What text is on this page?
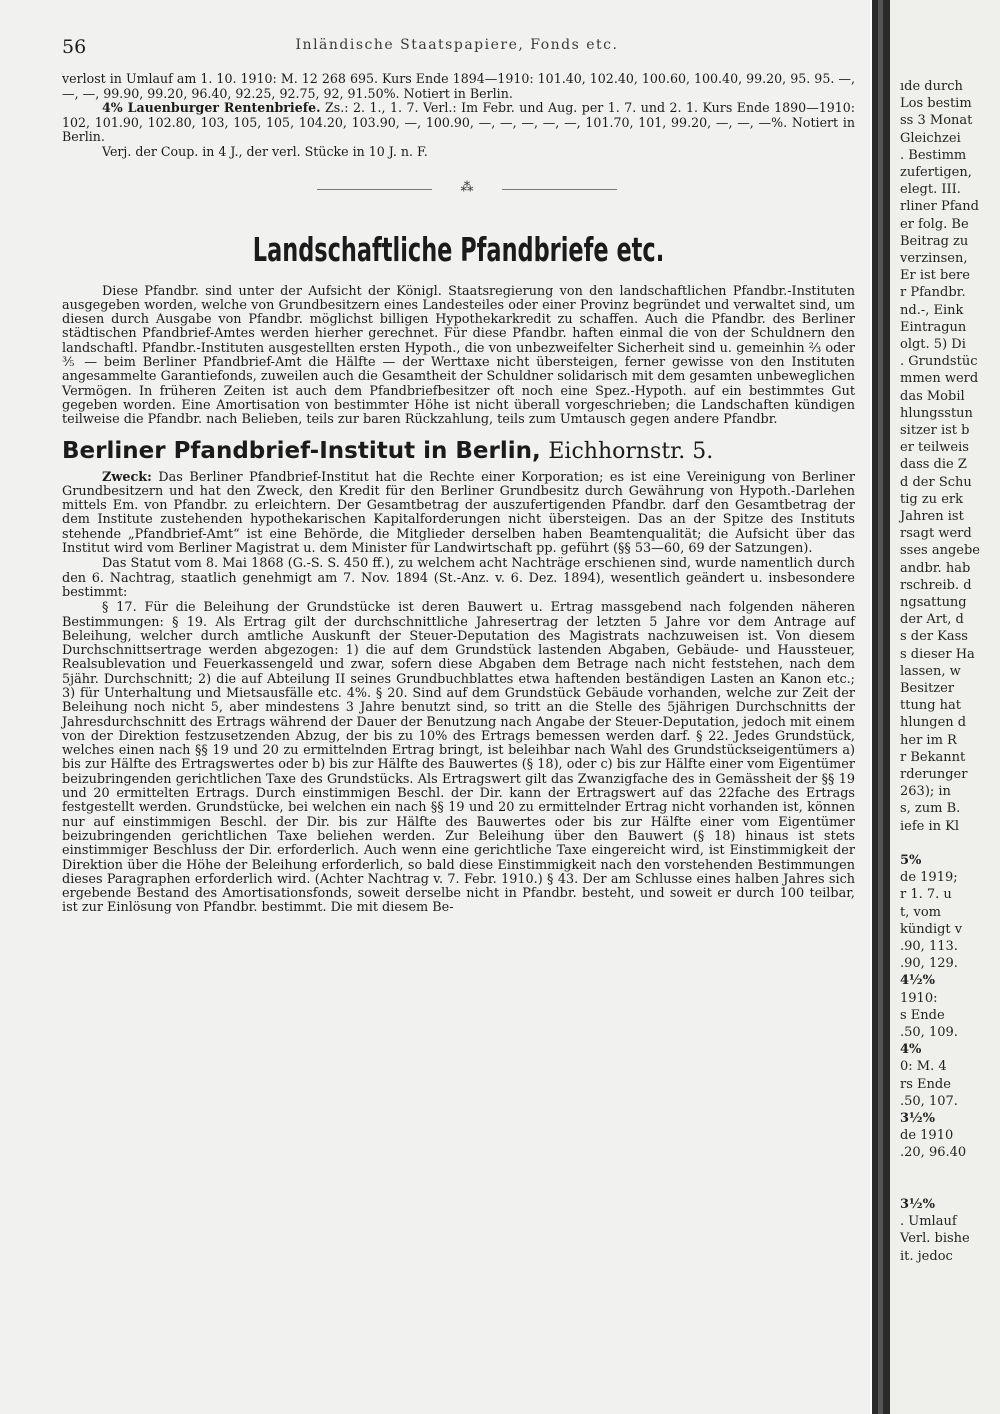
56	Inländische Staatspapiere, Fonds etc.

verlost in Umlauf am 1. 10. 1910: M. 12 268 695. Kurs Ende 1894—1910: 101.40, 102.40, 100.60, 100.40, 99.20, 95. 95. —, —, —, 99.90, 99.20, 96.40, 92.25, 92.75, 92, 91.50%. Notiert in Berlin.

4% Lauenburger Rentenbriefe. Zs.: 2. 1., 1. 7. Verl.: Im Febr. und Aug. per 1. 7. und 2. 1. Kurs Ende 1890—1910: 102, 101.90, 102.80, 103, 105, 105, 104.20, 103.90, —, 100.90, —, —, —, —, —, 101.70, 101, 99.20, —, —, —%. Notiert in Berlin.

Verj. der Coup. in 4 J., der verl. Stücke in 10 J. n. F.

⁂
Landschaftliche Pfandbriefe etc.

Diese Pfandbr. sind unter der Aufsicht der Königl. Staatsregierung von den landschaftlichen Pfandbr.-Instituten ausgegeben worden, welche von Grundbesitzern eines Landesteiles oder einer Provinz begründet und verwaltet sind, um diesen durch Ausgabe von Pfandbr. möglichst billigen Hypothekarkredit zu schaffen. Auch die Pfandbr. des Berliner städtischen Pfandbrief-Amtes werden hierher gerechnet. Für diese Pfandbr. haften einmal die von der Schuldnern den landschaftl. Pfandbr.-Instituten ausgestellten ersten Hypoth., die von unbezweifelter Sicherheit sind u. gemeinhin ⅔ oder ⅗ — beim Berliner Pfandbrief-Amt die Hälfte — der Werttaxe nicht übersteigen, ferner gewisse von den Instituten angesammelte Garantiefonds, zuweilen auch die Gesamtheit der Schuldner solidarisch mit dem gesamten unbeweglichen Vermögen. In früheren Zeiten ist auch dem Pfandbriefbesitzer oft noch eine Spez.-Hypoth. auf ein bestimmtes Gut gegeben worden. Eine Amortisation von bestimmter Höhe ist nicht überall vorgeschrieben; die Landschaften kündigen teilweise die Pfandbr. nach Belieben, teils zur baren Rückzahlung, teils zum Umtausch gegen andere Pfandbr.

Berliner Pfandbrief-Institut in Berlin, Eichhornstr. 5.

Zweck: Das Berliner Pfandbrief-Institut hat die Rechte einer Korporation; es ist eine Vereinigung von Berliner Grundbesitzern und hat den Zweck, den Kredit für den Berliner Grundbesitz durch Gewährung von Hypoth.-Darlehen mittels Em. von Pfandbr. zu erleichtern. Der Gesamtbetrag der auszufertigenden Pfandbr. darf den Gesamtbetrag der dem Institute zustehenden hypothekarischen Kapitalforderungen nicht übersteigen. Das an der Spitze des Instituts stehende „Pfandbrief-Amt“ ist eine Behörde, die Mitglieder derselben haben Beamtenqualität; die Aufsicht über das Institut wird vom Berliner Magistrat u. dem Minister für Landwirtschaft pp. geführt (§§ 53—60, 69 der Satzungen).

Das Statut vom 8. Mai 1868 (G.-S. S. 450 ff.), zu welchem acht Nachträge erschienen sind, wurde namentlich durch den 6. Nachtrag, staatlich genehmigt am 7. Nov. 1894 (St.-Anz. v. 6. Dez. 1894), wesentlich geändert u. insbesondere bestimmt:

§ 17. Für die Beleihung der Grundstücke ist deren Bauwert u. Ertrag massgebend nach folgenden näheren Bestimmungen: § 19. Als Ertrag gilt der durchschnittliche Jahresertrag der letzten 5 Jahre vor dem Antrage auf Beleihung, welcher durch amtliche Auskunft der Steuer-Deputation des Magistrats nachzuweisen ist. Von diesem Durchschnittsertrage werden abgezogen: 1) die auf dem Grundstück lastenden Abgaben, Gebäude- und Haussteuer, Realsublevation und Feuerkassengeld und zwar, sofern diese Abgaben dem Betrage nach nicht feststehen, nach dem 5jähr. Durchschnitt; 2) die auf Abteilung II seines Grundbuchblattes etwa haftenden beständigen Lasten an Kanon etc.; 3) für Unterhaltung und Mietsausfälle etc. 4%. § 20. Sind auf dem Grundstück Gebäude vorhanden, welche zur Zeit der Beleihung noch nicht 5, aber mindestens 3 Jahre benutzt sind, so tritt an die Stelle des 5jährigen Durchschnitts der Jahresdurchschnitt des Ertrags während der Dauer der Benutzung nach Angabe der Steuer-Deputation, jedoch mit einem von der Direktion festzusetzenden Abzug, der bis zu 10% des Ertrags bemessen werden darf. § 22. Jedes Grundstück, welches einen nach §§ 19 und 20 zu ermittelnden Ertrag bringt, ist beleihbar nach Wahl des Grundstückseigentümers a) bis zur Hälfte des Ertragswertes oder b) bis zur Hälfte des Bauwertes (§ 18), oder c) bis zur Hälfte einer vom Eigentümer beizubringenden gerichtlichen Taxe des Grundstücks. Als Ertragswert gilt das Zwanzigfache des in Gemässheit der §§ 19 und 20 ermittelten Ertrags. Durch einstimmigen Beschl. der Dir. kann der Ertragswert auf das 22fache des Ertrags festgestellt werden. Grundstücke, bei welchen ein nach §§ 19 und 20 zu ermittelnder Ertrag nicht vorhanden ist, können nur auf einstimmigen Beschl. der Dir. bis zur Hälfte des Bauwertes oder bis zur Hälfte einer vom Eigentümer beizubringenden gerichtlichen Taxe beliehen werden. Zur Beleihung über den Bauwert (§ 18) hinaus ist stets einstimmiger Beschluss der Dir. erforderlich. Auch wenn eine gerichtliche Taxe eingereicht wird, ist Einstimmigkeit der Direktion über die Höhe der Beleihung erforderlich, so bald diese Einstimmigkeit nach den vorstehenden Bestimmungen dieses Paragraphen erforderlich wird. (Achter Nachtrag v. 7. Febr. 1910.) § 43. Der am Schlusse eines halben Jahres sich ergebende Bestand des Amortisationsfonds, soweit derselbe nicht in Pfandbr. besteht, und soweit er durch 100 teilbar, ist zur Einlösung von Pfandbr. bestimmt. Die mit diesem Be-

ıde durch
Los bestim
ss 3 Monat
Gleichzei
. Bestimm
zufertigen,
elegt. III.
rliner Pfand
er folg. Be
Beitrag zu
verzinsen,
Er ist bere
r Pfandbr.
nd.-, Eink
Eintragun
olgt. 5) Di
. Grundstüc
mmen werd
das Mobil
hlungsstun
sitzer ist b
er teilweis
dass die Z
d der Schu
tig zu erk
Jahren ist
rsagt werd
sses angebe
andbr. hab
rschreib. d
ngsattung
der Art, d
s der Kass
s dieser Ha
lassen, w
Besitzer
ttung hat
hlungen d
her im R
r Bekannt
rderunger
263); in
s, zum B.
iefe in Kl
5%
de 1919;
r 1. 7. u
t, vom
kündigt v
.90, 113.
.90, 129.
4½%
1910:
s Ende
.50, 109.
4%
0: M. 4
rs Ende
.50, 107.
3½%
de 1910
.20, 96.40
3½%
. Umlauf
Verl. bishe
it. jedoc
